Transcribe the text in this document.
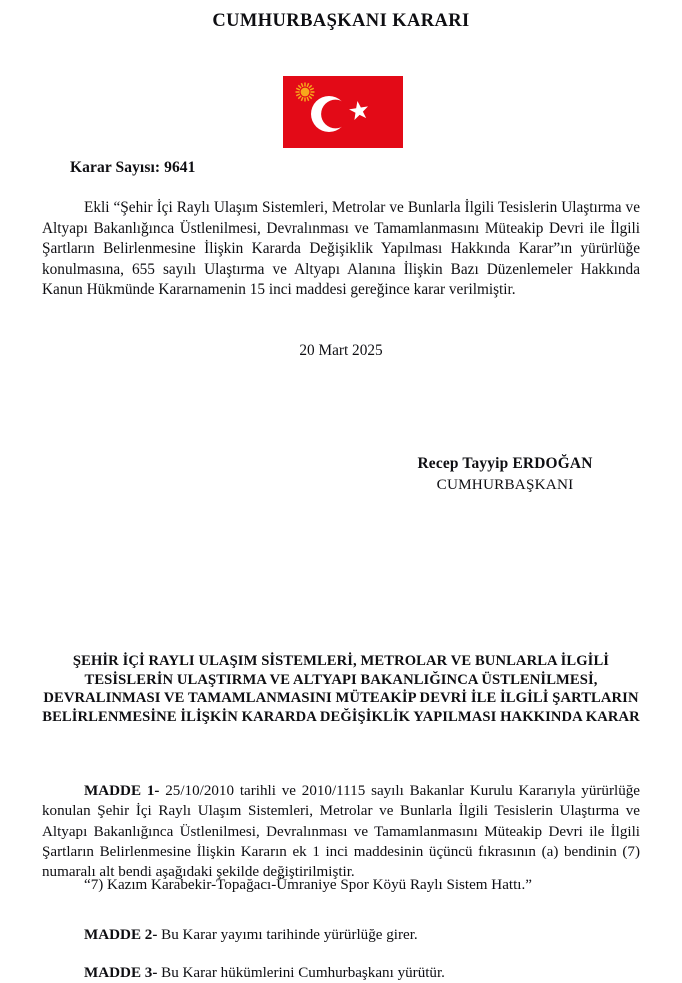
CUMHURBAŞKANI KARARI
Karar Sayısı: 9641
Ekli “Şehir İçi Raylı Ulaşım Sistemleri, Metrolar ve Bunlarla İlgili Tesislerin Ulaştırma ve Altyapı Bakanlığınca Üstlenilmesi, Devralınması ve Tamamlanmasını Müteakip Devri ile İlgili Şartların Belirlenmesine İlişkin Kararda Değişiklik Yapılması Hakkında Karar”ın yürürlüğe konulmasına, 655 sayılı Ulaştırma ve Altyapı Alanına İlişkin Bazı Düzenlemeler Hakkında Kanun Hükmünde Kararnamenin 15 inci maddesi gereğince karar verilmiştir.
20 Mart 2025
Recep Tayyip ERDOĞAN
CUMHURBAŞKANI
ŞEHİR İÇİ RAYLI ULAŞIM SİSTEMLERİ, METROLAR VE BUNLARLA İLGİLİ TESİSLERİN ULAŞTIRMA VE ALTYAPI BAKANLIĞINCA ÜSTLENİLMESİ, DEVRALINMASI VE TAMAMLANMASINI MÜTEAKİP DEVRİ İLE İLGİLİ ŞARTLARIN BELİRLENMESİNE İLİŞKİN KARARDA DEĞİŞİKLİK YAPILMASI HAKKINDA KARAR

MADDE 1- 25/10/2010 tarihli ve 2010/1115 sayılı Bakanlar Kurulu Kararıyla yürürlüğe konulan Şehir İçi Raylı Ulaşım Sistemleri, Metrolar ve Bunlarla İlgili Tesislerin Ulaştırma ve Altyapı Bakanlığınca Üstlenilmesi, Devralınması ve Tamamlanmasını Müteakip Devri ile İlgili Şartların Belirlenmesine İlişkin Kararın ek 1 inci maddesinin üçüncü fıkrasının (a) bendinin (7) numaralı alt bendi aşağıdaki şekilde değiştirilmiştir.

“7) Kazım Karabekir-Topağacı-Ümraniye Spor Köyü Raylı Sistem Hattı.”

MADDE 2- Bu Karar yayımı tarihinde yürürlüğe girer.

MADDE 3- Bu Karar hükümlerini Cumhurbaşkanı yürütür.
